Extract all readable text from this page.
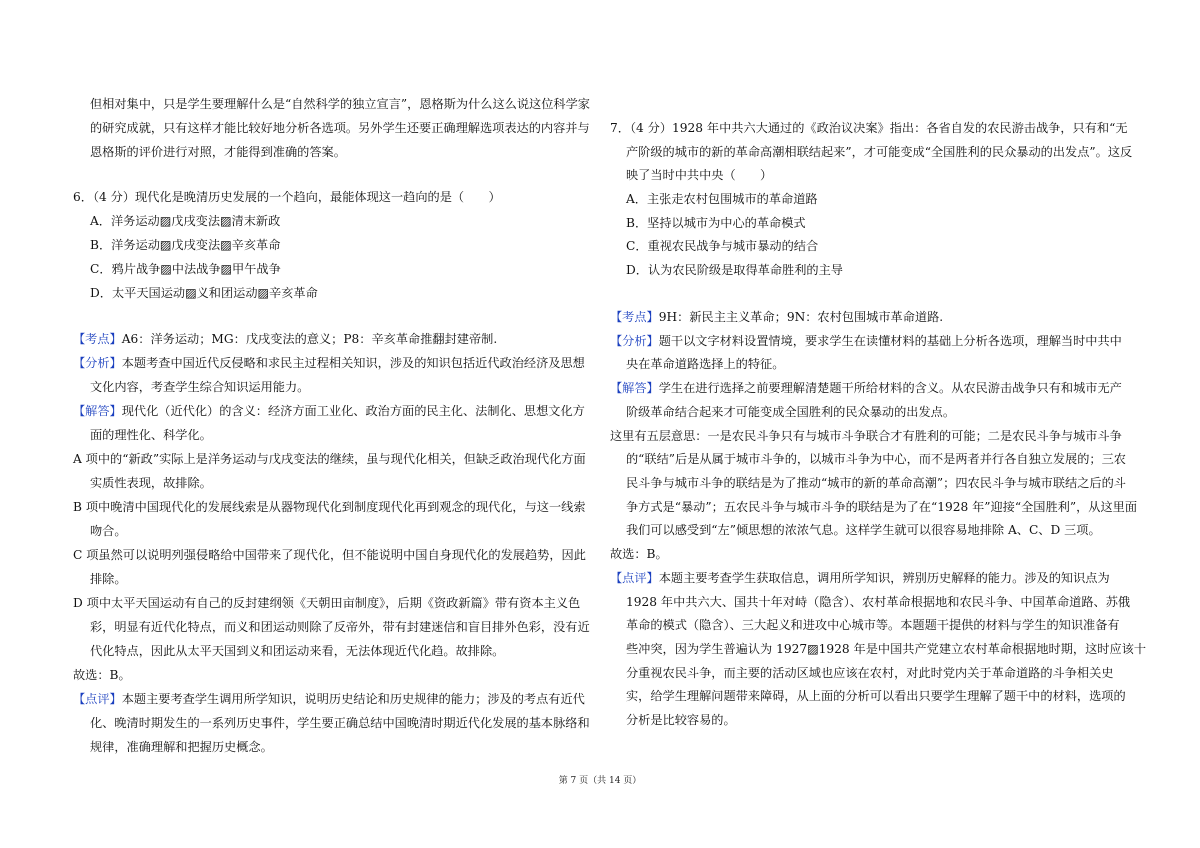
但相对集中，只是学生要理解什么是“自然科学的独立宣言”，恩格斯为什么这么说这位科学家
的研究成就，只有这样才能比较好地分析各选项。另外学生还要正确理解选项表达的内容并与
恩格斯的评价进行对照，才能得到准确的答案。
6．（4 分）现代化是晚清历史发展的一个趋向，最能体现这一趋向的是（　　）
A．洋务运动▨戊戌变法▨清末新政
B．洋务运动▨戊戌变法▨辛亥革命
C．鸦片战争▨中法战争▨甲午战争
D．太平天国运动▨义和团运动▨辛亥革命
【考点】A6：洋务运动；MG：戊戌变法的意义；P8：辛亥革命推翻封建帝制.
【分析】本题考查中国近代反侵略和求民主过程相关知识，涉及的知识包括近代政治经济及思想
文化内容，考查学生综合知识运用能力。
【解答】现代化（近代化）的含义：经济方面工业化、政治方面的民主化、法制化、思想文化方
面的理性化、科学化。
A 项中的“新政”实际上是洋务运动与戊戌变法的继续，虽与现代化相关，但缺乏政治现代化方面
实质性表现，故排除。
B 项中晚清中国现代化的发展线索是从器物现代化到制度现代化再到观念的现代化，与这一线索
吻合。
C 项虽然可以说明列强侵略给中国带来了现代化，但不能说明中国自身现代化的发展趋势，因此
排除。
D 项中太平天国运动有自己的反封建纲领《天朝田亩制度》，后期《资政新篇》带有资本主义色
彩，明显有近代化特点，而义和团运动则除了反帝外，带有封建迷信和盲目排外色彩，没有近
代化特点，因此从太平天国到义和团运动来看，无法体现近代化趋。故排除。
故选：B。
【点评】本题主要考查学生调用所学知识，说明历史结论和历史规律的能力；涉及的考点有近代
化、晚清时期发生的一系列历史事件，学生要正确总结中国晚清时期近代化发展的基本脉络和
规律，准确理解和把握历史概念。
7．（4 分）1928 年中共六大通过的《政治议决案》指出：各省自发的农民游击战争，只有和“无
产阶级的城市的新的革命高潮相联结起来”，才可能变成“全国胜利的民众暴动的出发点”。这反
映了当时中共中央（　　）
A．主张走农村包围城市的革命道路
B．坚持以城市为中心的革命模式
C．重视农民战争与城市暴动的结合
D．认为农民阶级是取得革命胜利的主导
【考点】9H：新民主主义革命；9N：农村包围城市革命道路.
【分析】题干以文字材料设置情境，要求学生在读懂材料的基础上分析各选项，理解当时中共中
央在革命道路选择上的特征。
【解答】学生在进行选择之前要理解清楚题干所给材料的含义。从农民游击战争只有和城市无产
阶级革命结合起来才可能变成全国胜利的民众暴动的出发点。
这里有五层意思：一是农民斗争只有与城市斗争联合才有胜利的可能；二是农民斗争与城市斗争
的“联结”后是从属于城市斗争的，以城市斗争为中心，而不是两者并行各自独立发展的；三农
民斗争与城市斗争的联结是为了推动“城市的新的革命高潮”；四农民斗争与城市联结之后的斗
争方式是“暴动”；五农民斗争与城市斗争的联结是为了在“1928 年”迎接“全国胜利”，从这里面
我们可以感受到“左”倾思想的浓浓气息。这样学生就可以很容易地排除 A、C、D 三项。
故选：B。
【点评】本题主要考查学生获取信息，调用所学知识，辨别历史解释的能力。涉及的知识点为
1928 年中共六大、国共十年对峙（隐含）、农村革命根据地和农民斗争、中国革命道路、苏俄
革命的模式（隐含）、三大起义和进攻中心城市等。本题题干提供的材料与学生的知识准备有
些冲突，因为学生普遍认为 1927▨1928 年是中国共产党建立农村革命根据地时期，这时应该十
分重视农民斗争，而主要的活动区域也应该在农村，对此时党内关于革命道路的斗争相关史
实，给学生理解问题带来障碍，从上面的分析可以看出只要学生理解了题干中的材料，选项的
分析是比较容易的。
第 7 页（共 14 页）
